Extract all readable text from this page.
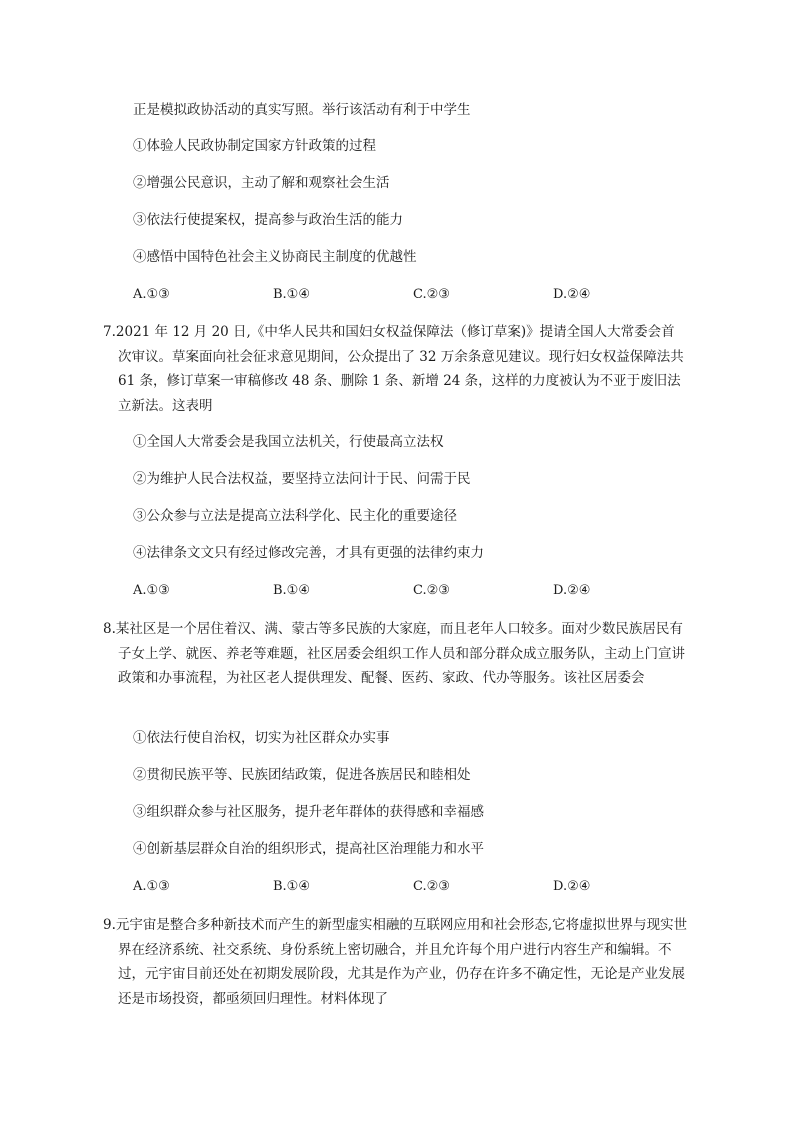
正是模拟政协活动的真实写照。举行该活动有利于中学生
①体验人民政协制定国家方针政策的过程
②增强公民意识，主动了解和观察社会生活
③依法行使提案权，提高参与政治生活的能力
④感悟中国特色社会主义协商民主制度的优越性
A.①③	B.①④	C.②③	D.②④
7.2021 年 12 月 20 日,《中华人民共和国妇女权益保障法（修订草案)》提请全国人大常委会首次审议。草案面向社会征求意见期间，公众提出了 32 万余条意见建议。现行妇女权益保障法共 61 条，修订草案一审稿修改 48 条、删除 1 条、新增 24 条，这样的力度被认为不亚于废旧法立新法。这表明
①全国人大常委会是我国立法机关，行使最高立法权
②为维护人民合法权益，要坚持立法问计于民、问需于民
③公众参与立法是提高立法科学化、民主化的重要途径
④法律条文文只有经过修改完善，才具有更强的法律约束力
A.①③	B.①④	C.②③	D.②④
8.某社区是一个居住着汉、满、蒙古等多民族的大家庭，而且老年人口较多。面对少数民族居民有子女上学、就医、养老等难题，社区居委会组织工作人员和部分群众成立服务队，主动上门宣讲政策和办事流程，为社区老人提供理发、配餐、医药、家政、代办等服务。该社区居委会
①依法行使自治权，切实为社区群众办实事
②贯彻民族平等、民族团结政策，促进各族居民和睦相处
③组织群众参与社区服务，提升老年群体的获得感和幸福感
④创新基层群众自治的组织形式，提高社区治理能力和水平
A.①③	B.①④	C.②③	D.②④
9.元宇宙是整合多种新技术而产生的新型虚实相融的互联网应用和社会形态,它将虚拟世界与现实世界在经济系统、社交系统、身份系统上密切融合，并且允许每个用户进行内容生产和编辑。不过，元宇宙目前还处在初期发展阶段，尤其是作为产业，仍存在许多不确定性，无论是产业发展还是市场投资，都亟须回归理性。材料体现了
